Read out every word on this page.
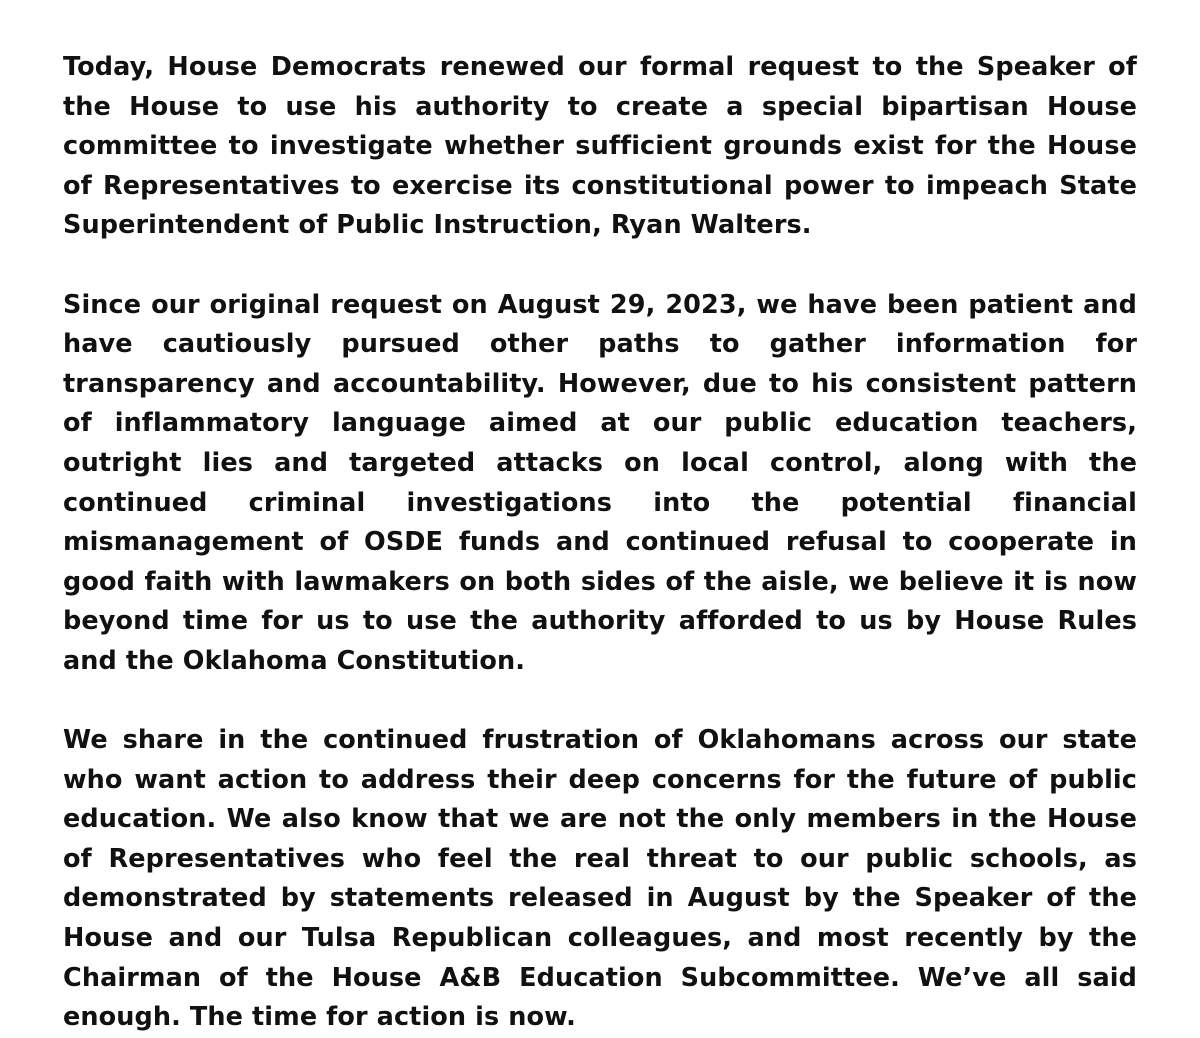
Today, House Democrats renewed our formal request to the Speaker of the House to use his authority to create a special bipartisan House committee to investigate whether sufficient grounds exist for the House of Representatives to exercise its constitutional power to impeach State Superintendent of Public Instruction, Ryan Walters.

Since our original request on August 29, 2023, we have been patient and have cautiously pursued other paths to gather information for transparency and accountability. However, due to his consistent pattern of inflammatory language aimed at our public education teachers, outright lies and targeted attacks on local control, along with the continued criminal investigations into the potential financial mismanagement of OSDE funds and continued refusal to cooperate in good faith with lawmakers on both sides of the aisle, we believe it is now beyond time for us to use the authority afforded to us by House Rules and the Oklahoma Constitution.

We share in the continued frustration of Oklahomans across our state who want action to address their deep concerns for the future of public education. We also know that we are not the only members in the House of Representatives who feel the real threat to our public schools, as demonstrated by statements released in August by the Speaker of the House and our Tulsa Republican colleagues, and most recently by the Chairman of the House A&B Education Subcommittee. We’ve all said enough. The time for action is now.
